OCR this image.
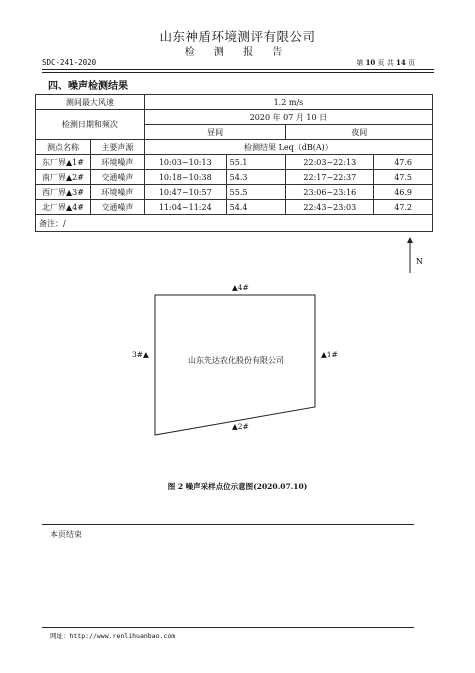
山东神盾环境测评有限公司
检 测 报 告
SDC-241-2020	第 10 页 共 14 页
四、噪声检测结果
测间最大风速		1.2 m/s			
检测日期和频次		2020 年 07 月 10 日			
		昼间		夜间	
测点名称	主要声源	检测结果 Leq（dB(A)）			
东厂界▲1#	环境噪声	10:03~10:13	55.1	22:03~22:13	47.6
南厂界▲2#	交通噪声	10:18~10:38	54.3	22:17~22:37	47.5
西厂界▲3#	环境噪声	10:47~10:57	55.5	23:06~23:16	46.9
北厂界▲4#	交通噪声	11:04~11:24	54.4	22:43~23:03	47.2
备注：/					
N
山东先达农化股份有限公司
▲4#
▲1#
▲2#
3#▲
图 2 噪声采样点位示意图(2020.07.10)
本页结束
网址：http://www.renlihuanbao.com
